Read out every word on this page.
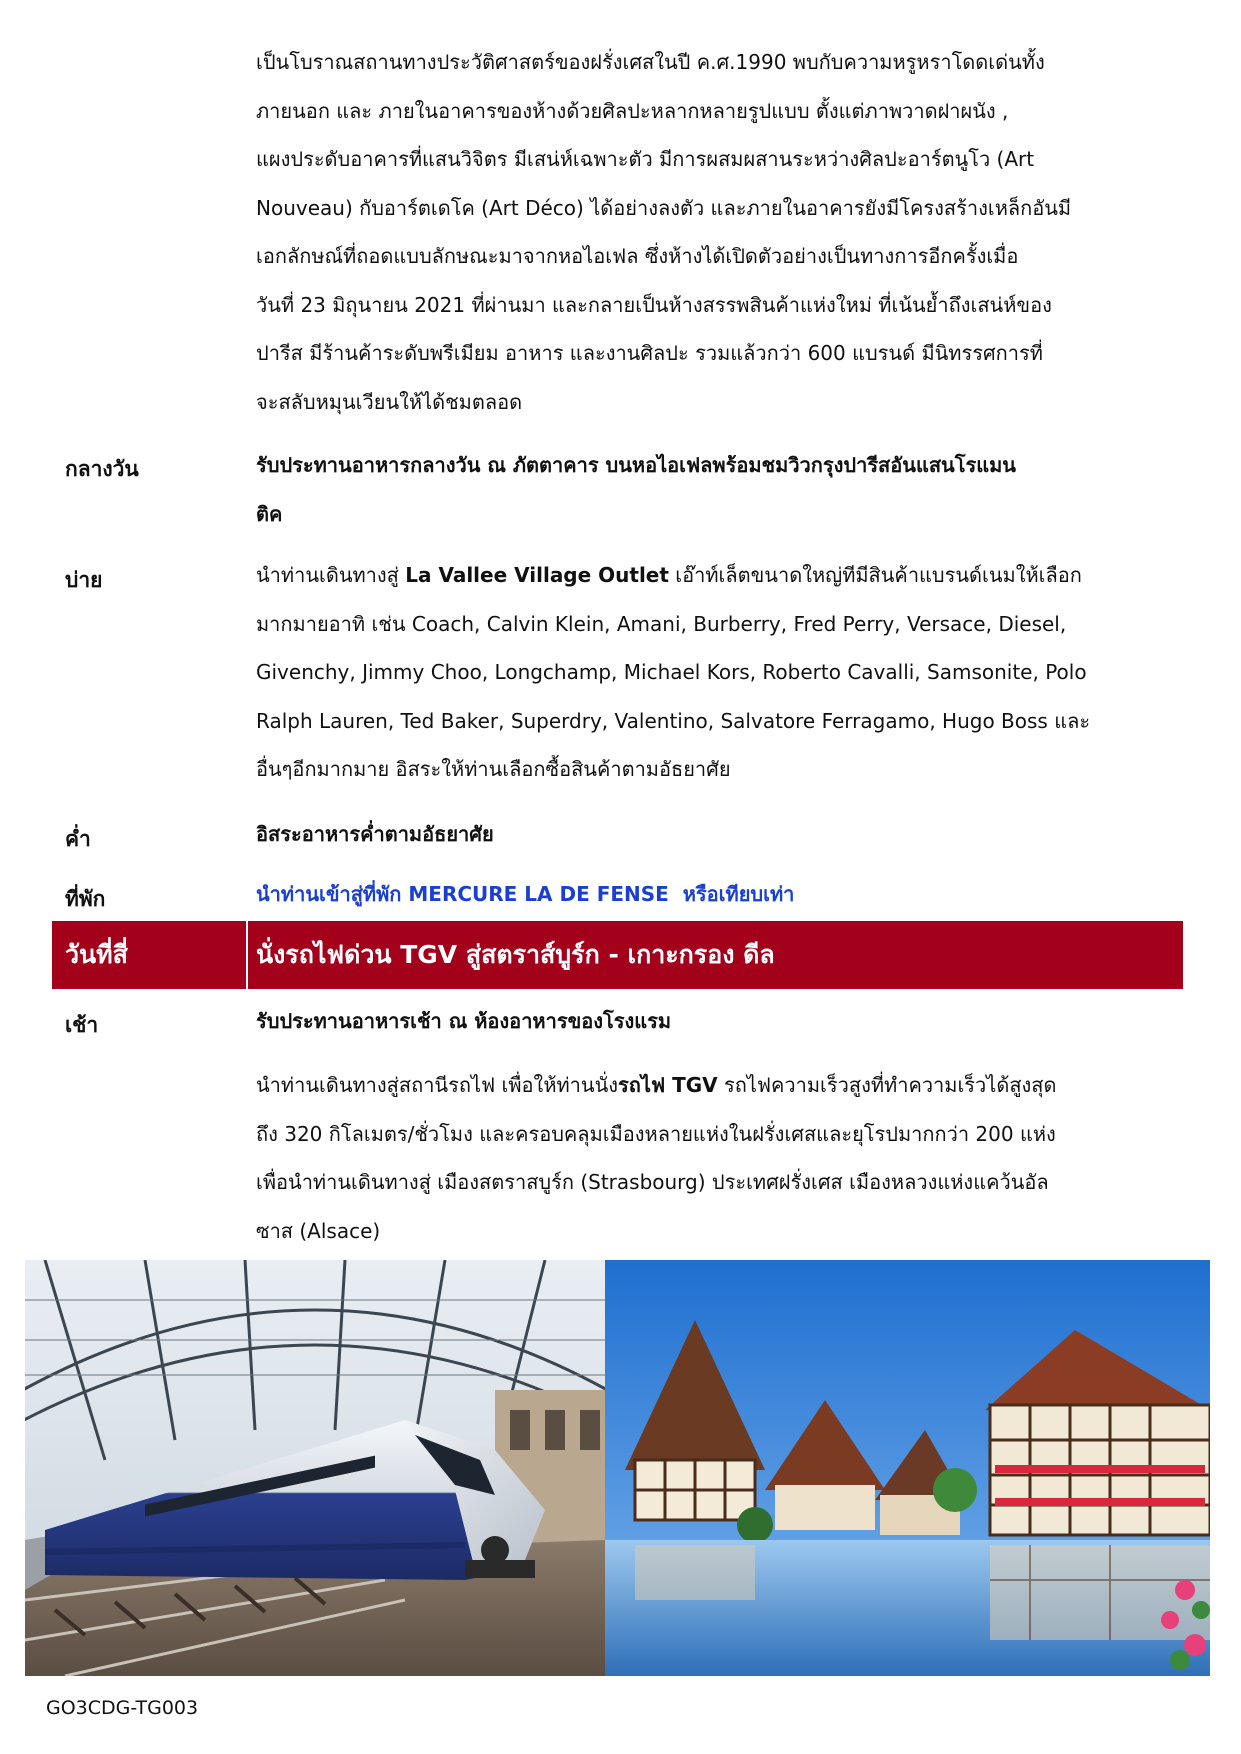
เป็นโบราณสถานทางประวัติศาสตร์ของฝรั่งเศสในปี ค.ศ.1990 พบกับความหรูหราโดดเด่นทั้ง

ภายนอก และ ภายในอาคารของห้างด้วยศิลปะหลากหลายรูปแบบ ตั้งแต่ภาพวาดฝาผนัง ,

แผงประดับอาคารที่แสนวิจิตร มีเสน่ห์เฉพาะตัว มีการผสมผสานระหว่างศิลปะอาร์ตนูโว (Art

Nouveau) กับอาร์ตเดโค (Art Déco) ได้อย่างลงตัว และภายในอาคารยังมีโครงสร้างเหล็กอันมี

เอกลักษณ์ที่ถอดแบบลักษณะมาจากหอไอเฟล ซึ่งห้างได้เปิดตัวอย่างเป็นทางการอีกครั้งเมื่อ

วันที่ 23 มิถุนายน 2021 ที่ผ่านมา และกลายเป็นห้างสรรพสินค้าแห่งใหม่ ที่เน้นย้ำถึงเสน่ห์ของ

ปารีส มีร้านค้าระดับพรีเมียม อาหาร และงานศิลปะ รวมแล้วกว่า 600 แบรนด์ มีนิทรรศการที่

จะสลับหมุนเวียนให้ได้ชมตลอด

กลางวัน	รับประทานอาหารกลางวัน ณ ภัตตาคาร บนหอไอเฟลพร้อมชมวิวกรุงปารีสอันแสนโรแมน

ติค

บ่าย	นำท่านเดินทางสู่ La Vallee Village Outlet เอ๊าท์เล็ตขนาดใหญ่ทีมีสินค้าแบรนด์เนมให้เลือก

มากมายอาทิ เช่น Coach, Calvin Klein, Amani, Burberry, Fred Perry, Versace, Diesel,

Givenchy, Jimmy Choo, Longchamp, Michael Kors, Roberto Cavalli, Samsonite, Polo

Ralph Lauren, Ted Baker, Superdry, Valentino, Salvatore Ferragamo, Hugo Boss และ

อื่นๆอีกมากมาย อิสระให้ท่านเลือกซื้อสินค้าตามอัธยาศัย

ค่ำ	อิสระอาหารค่ำตามอัธยาศัย
ที่พัก	นำท่านเข้าสู่ที่พัก MERCURE LA DE FENSE  หรือเทียบเท่า
วันที่สี่	นั่งรถไฟด่วน TGV สู่สตราส์บูร์ก - เกาะกรอง ดีล
เช้า	รับประทานอาหารเช้า ณ ห้องอาหารของโรงแรม

นำท่านเดินทางสู่สถานีรถไฟ เพื่อให้ท่านนั่งรถไฟ TGV รถไฟความเร็วสูงที่ทำความเร็วได้สูงสุด

ถึง 320 กิโลเมตร/ชั่วโมง และครอบคลุมเมืองหลายแห่งในฝรั่งเศสและยุโรปมากกว่า 200 แห่ง

เพื่อนำท่านเดินทางสู่ เมืองสตราสบูร์ก (Strasbourg) ประเทศฝรั่งเศส เมืองหลวงแห่งแคว้นอัล

ซาส (Alsace)

GO3CDG-TG003
